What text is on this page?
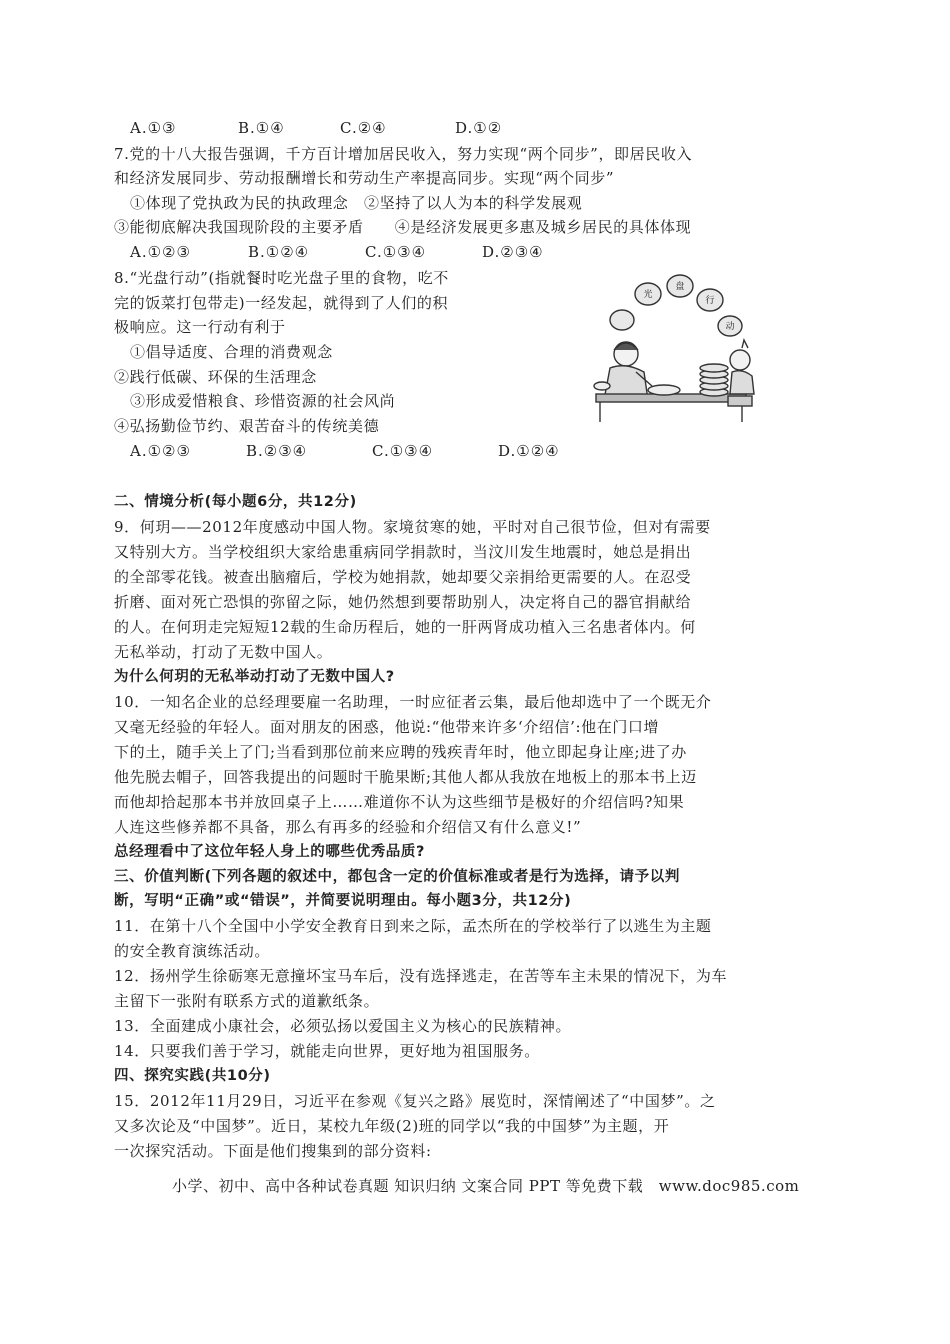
A.①③	B.①④	C.②④	D.①②
7.党的十八大报告强调，千方百计增加居民收入，努力实现“两个同步”，即居民收入
和经济发展同步、劳动报酬增长和劳动生产率提高同步。实现“两个同步”
①体现了党执政为民的执政理念　②坚持了以人为本的科学发展观
③能彻底解决我国现阶段的主要矛盾　　④是经济发展更多惠及城乡居民的具体体现
A.①②③	B.①②④	C.①③④	D.②③④
8.“光盘行动”(指就餐时吃光盘子里的食物，吃不
完的饭菜打包带走)一经发起，就得到了人们的积
极响应。这一行动有利于
①倡导适度、合理的消费观念
②践行低碳、环保的生活理念
③形成爱惜粮食、珍惜资源的社会风尚
④弘扬勤俭节约、艰苦奋斗的传统美德
A.①②③	B.②③④	C.①③④	D.①②④
光
盘
行
动
二、情境分析(每小题6分，共12分)
9．何玥——2012年度感动中国人物。家境贫寒的她，平时对自己很节俭，但对有需要
又特别大方。当学校组织大家给患重病同学捐款时，当汶川发生地震时，她总是捐出
的全部零花钱。被查出脑瘤后，学校为她捐款，她却要父亲捐给更需要的人。在忍受
折磨、面对死亡恐惧的弥留之际，她仍然想到要帮助别人，决定将自己的器官捐献给
的人。在何玥走完短短12载的生命历程后，她的一肝两肾成功植入三名患者体内。何
无私举动，打动了无数中国人。
为什么何玥的无私举动打动了无数中国人?
10．一知名企业的总经理要雇一名助理，一时应征者云集，最后他却选中了一个既无介
又毫无经验的年轻人。面对朋友的困惑，他说:“他带来许多‘介绍信’:他在门口增
下的土，随手关上了门;当看到那位前来应聘的残疾青年时，他立即起身让座;进了办
他先脱去帽子，回答我提出的问题时干脆果断;其他人都从我放在地板上的那本书上迈
而他却拾起那本书并放回桌子上……难道你不认为这些细节是极好的介绍信吗?知果
人连这些修养都不具备，那么有再多的经验和介绍信又有什么意义!”
总经理看中了这位年轻人身上的哪些优秀品质?
三、价值判断(下列各题的叙述中，都包含一定的价值标准或者是行为选择，请予以判
断，写明“正确”或“错误”，并简要说明理由。每小题3分，共12分)
11．在第十八个全国中小学安全教育日到来之际，孟杰所在的学校举行了以逃生为主题
的安全教育演练活动。
12．扬州学生徐砺寒无意撞坏宝马车后，没有选择逃走，在苦等车主未果的情况下，为车
主留下一张附有联系方式的道歉纸条。
13．全面建成小康社会，必须弘扬以爱国主义为核心的民族精神。
14．只要我们善于学习，就能走向世界，更好地为祖国服务。
四、探究实践(共10分)
15．2012年11月29日，习近平在参观《复兴之路》展览时，深情阐述了“中国梦”。之
又多次论及“中国梦”。近日，某校九年级(2)班的同学以“我的中国梦”为主题，开
一次探究活动。下面是他们搜集到的部分资料:
小学、初中、高中各种试卷真题 知识归纳 文案合同 PPT 等免费下载　www.doc985.com
